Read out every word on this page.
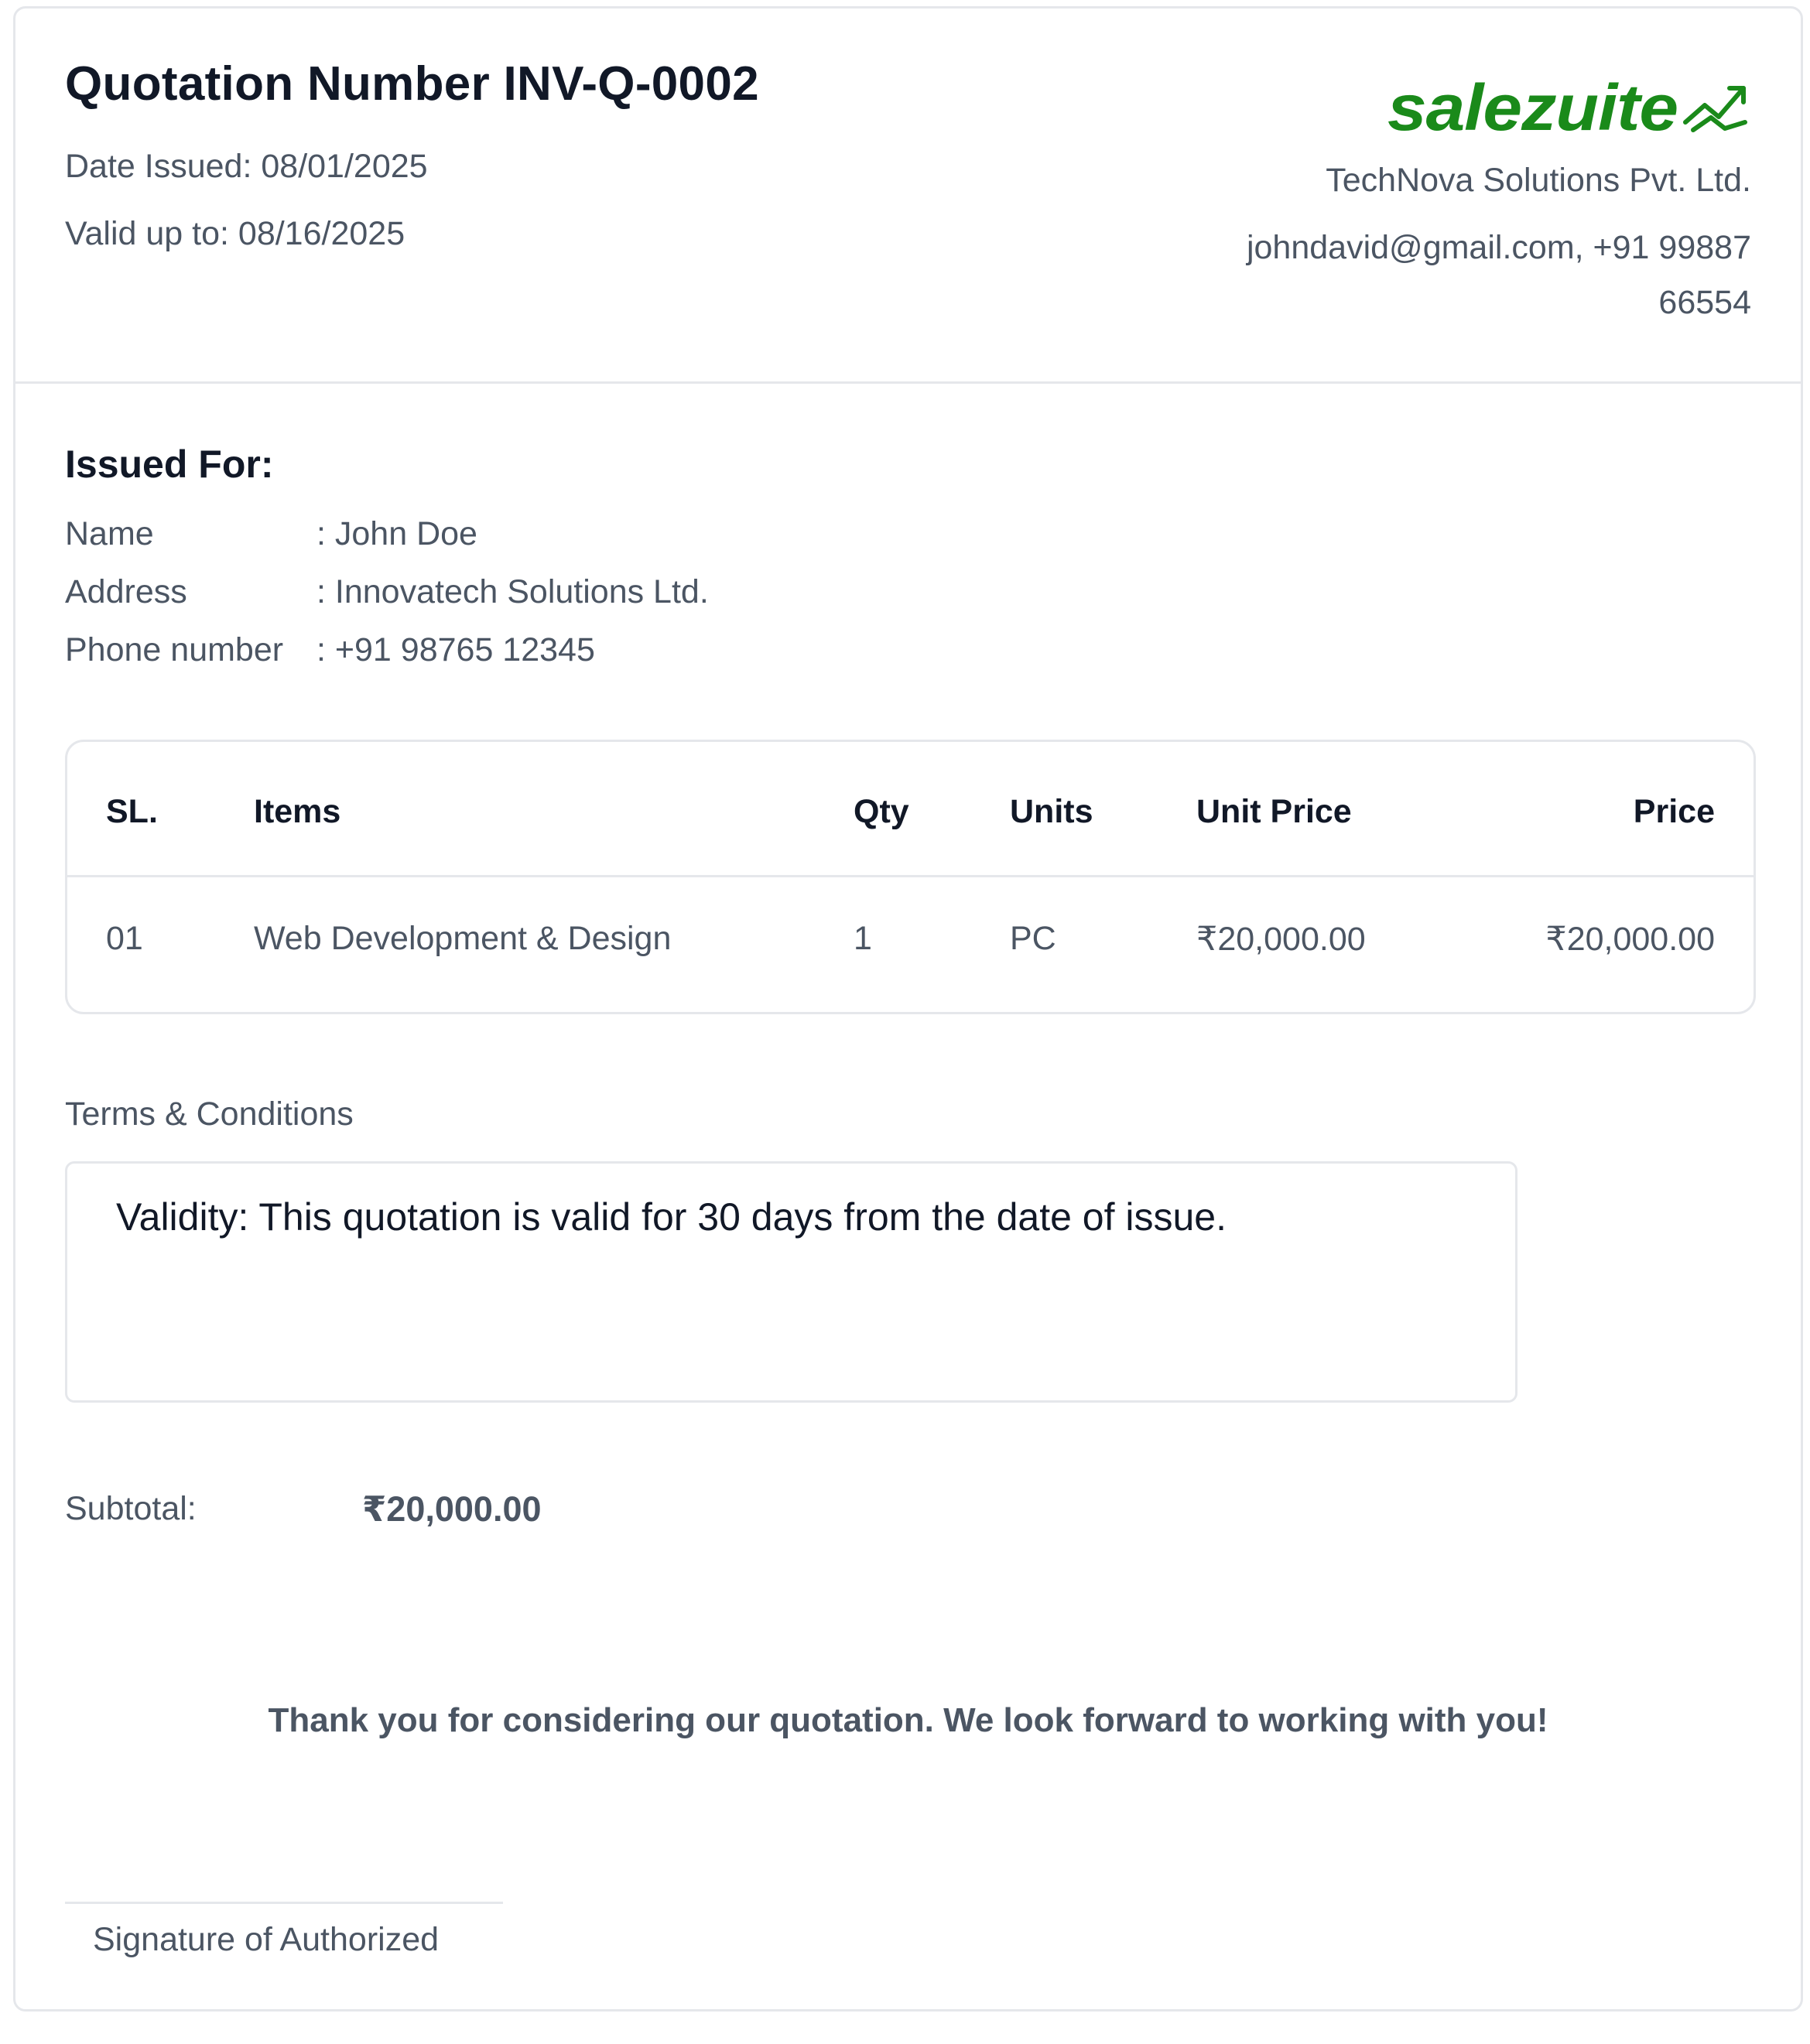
Quotation Number INV-Q-0002
Date Issued: 08/01/2025
Valid up to: 08/16/2025
salezuite
TechNova Solutions Pvt. Ltd.
johndavid@gmail.com, +91 99887
66554
Issued For:
Name	: John Doe
Address	: Innovatech Solutions Ltd.
Phone number : +91 98765 12345
SL.	Items	Qty	Units	Unit Price	Price
01	Web Development & Design	1	PC	₹20,000.00	₹20,000.00
Terms & Conditions
Validity: This quotation is valid for 30 days from the date of issue.
Subtotal:	₹20,000.00
Thank you for considering our quotation. We look forward to working with you!
Signature of Authorized
